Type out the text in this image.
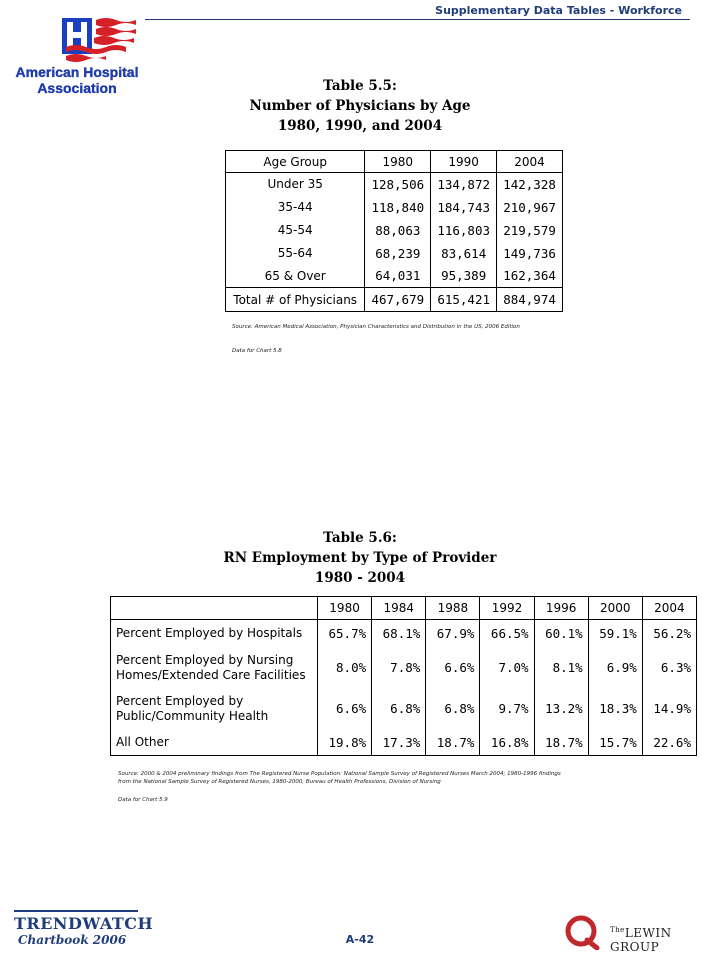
Supplementary Data Tables - Workforce
American Hospital
Association	Table 5.5:
Number of Physicians by Age
1980, 1990, and 2004
Age Group	1980	1990	2004
Under 35	128,506	134,872	142,328
35-44	118,840	184,743	210,967
45-54	88,063	116,803	219,579
55-64	68,239	83,614	149,736
65 & Over	64,031	95,389	162,364
Total # of Physicians	467,679	615,421	884,974
Source: American Medical Association, Physician Characteristics and Distribution in the US, 2006 Edition
Data for Chart 5.8
Table 5.6:
RN Employment by Type of Provider
1980 - 2004
	1980	1984	1988	1992	1996	2000	2004

Percent Employed by Hospitals	65.7%	68.1%	67.9%	66.5%	60.1%	59.1%	56.2%

Percent Employed by Nursing
Homes/Extended Care Facilities	8.0%	7.8%	6.6%	7.0%	8.1%	6.9%	6.3%

Percent Employed by
Public/Community Health	6.6%	6.8%	6.8%	9.7%	13.2%	18.3%	14.9%

All Other	19.8%	17.3%	18.7%	16.8%	18.7%	15.7%	22.6%
Source: 2000 & 2004 preliminary findings from The Registered Nurse Population: National Sample Survey of Registered Nurses March 2004; 1980-1996 findings
from the National Sample Survey of Registered Nurses, 1980-2000, Bureau of Health Professions, Division of Nursing
Data for Chart 5.9
TRENDWATCH
Chartbook 2006	A-42
$^{The}$LEWIN GROUP
